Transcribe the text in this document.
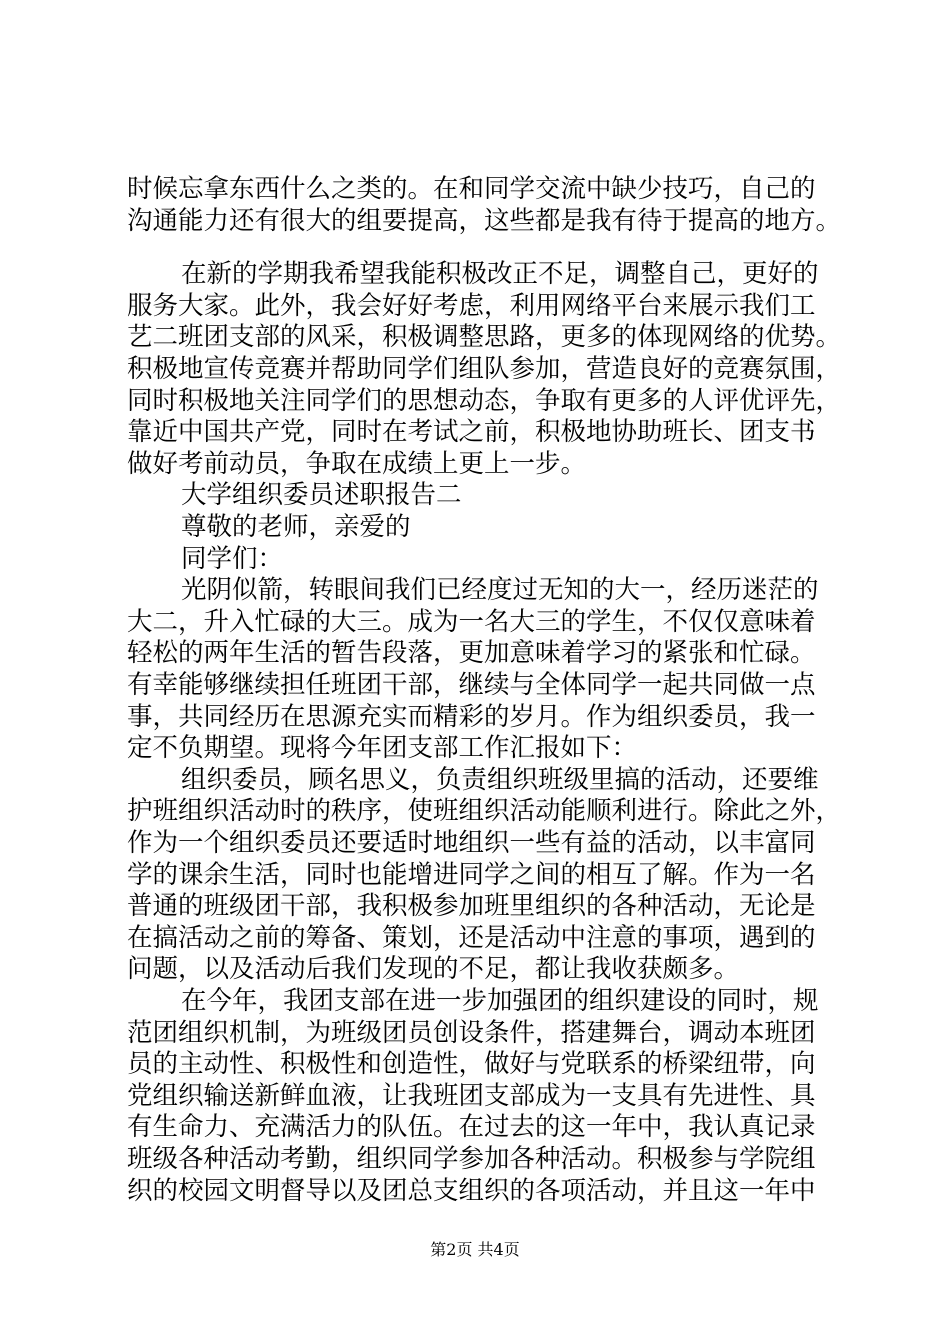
时候忘拿东西什么之类的。在和同学交流中缺少技巧，自己的
沟通能力还有很大的组要提高，这些都是我有待于提高的地方。
在新的学期我希望我能积极改正不足，调整自己，更好的
服务大家。此外，我会好好考虑，利用网络平台来展示我们工
艺二班团支部的风采，积极调整思路，更多的体现网络的优势。
积极地宣传竞赛并帮助同学们组队参加，营造良好的竞赛氛围，
同时积极地关注同学们的思想动态，争取有更多的人评优评先，
靠近中国共产党，同时在考试之前，积极地协助班长、团支书
做好考前动员，争取在成绩上更上一步。
大学组织委员述职报告二
尊敬的老师，亲爱的
同学们：
光阴似箭，转眼间我们已经度过无知的大一，经历迷茫的
大二，升入忙碌的大三。成为一名大三的学生，不仅仅意味着
轻松的两年生活的暂告段落，更加意味着学习的紧张和忙碌。
有幸能够继续担任班团干部，继续与全体同学一起共同做一点
事，共同经历在思源充实而精彩的岁月。作为组织委员，我一
定不负期望。现将今年团支部工作汇报如下：
组织委员，顾名思义，负责组织班级里搞的活动，还要维
护班组织活动时的秩序，使班组织活动能顺利进行。除此之外，
作为一个组织委员还要适时地组织一些有益的活动，以丰富同
学的课余生活，同时也能增进同学之间的相互了解。作为一名
普通的班级团干部，我积极参加班里组织的各种活动，无论是
在搞活动之前的筹备、策划，还是活动中注意的事项，遇到的
问题，以及活动后我们发现的不足，都让我收获颇多。
在今年，我团支部在进一步加强团的组织建设的同时，规
范团组织机制，为班级团员创设条件，搭建舞台，调动本班团
员的主动性、积极性和创造性，做好与党联系的桥梁纽带，向
党组织输送新鲜血液，让我班团支部成为一支具有先进性、具
有生命力、充满活力的队伍。在过去的这一年中，我认真记录
班级各种活动考勤，组织同学参加各种活动。积极参与学院组
织的校园文明督导以及团总支组织的各项活动，并且这一年中
第2页 共4页
